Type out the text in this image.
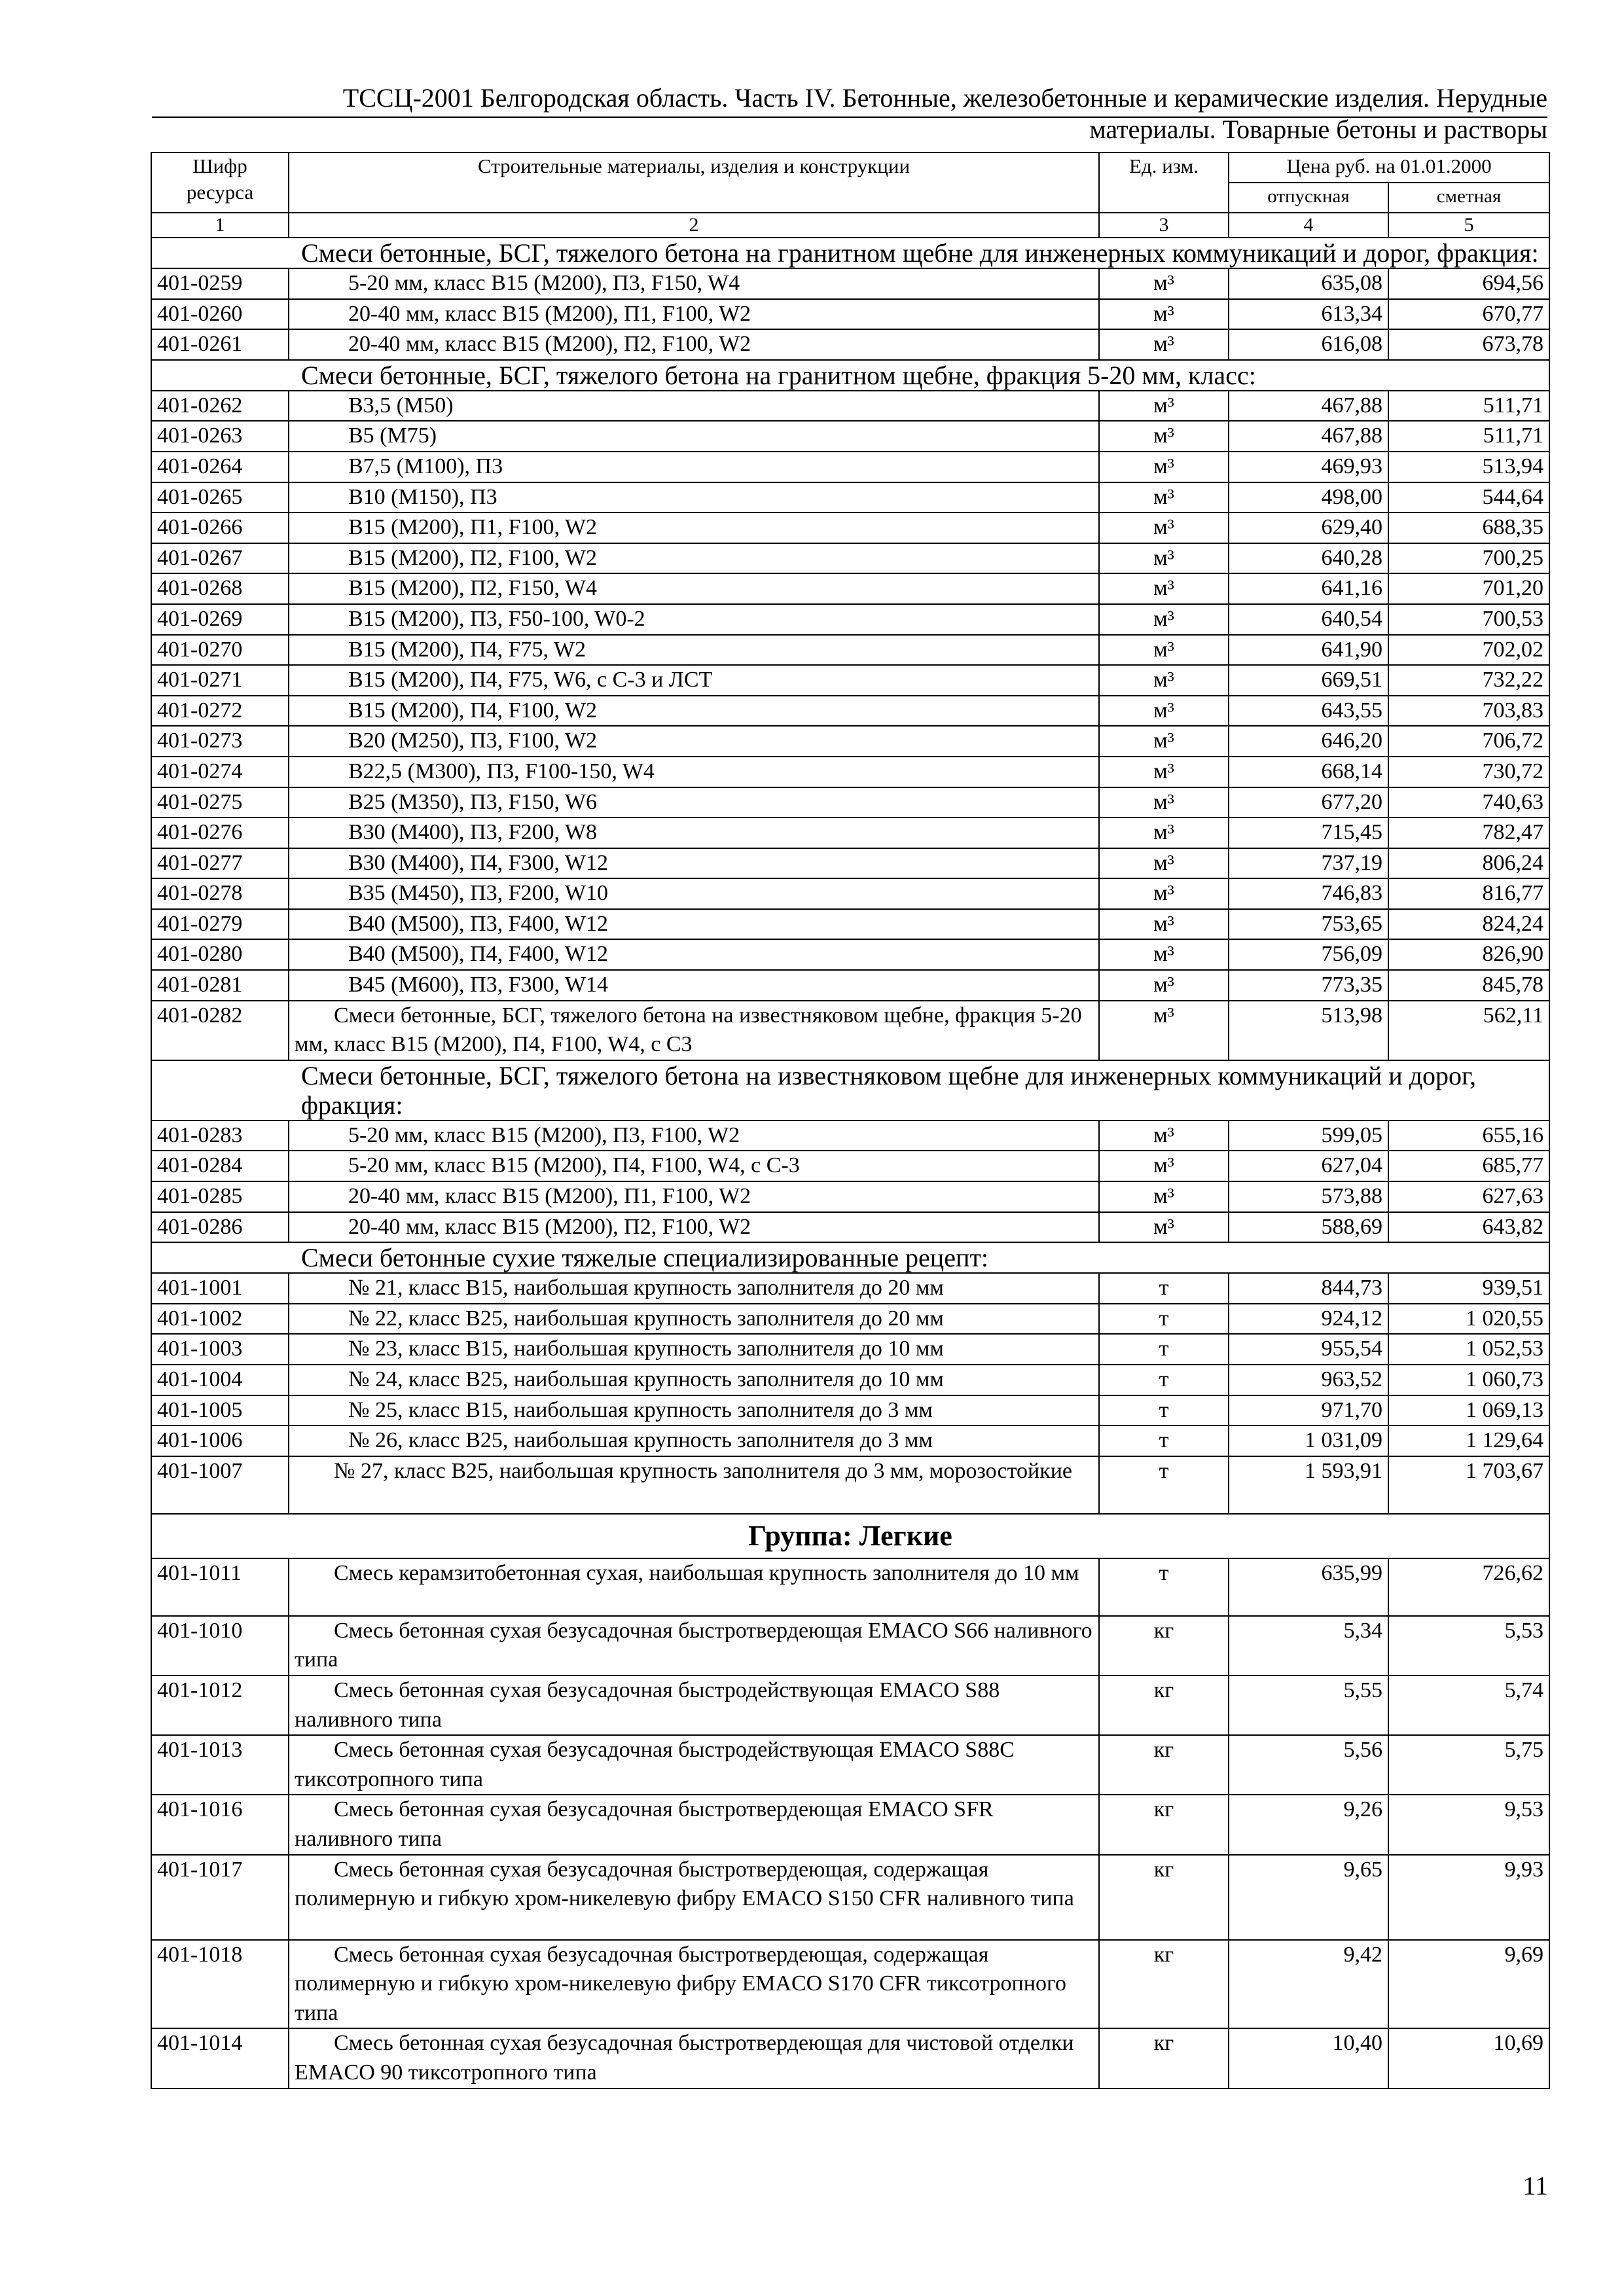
ТССЦ-2001 Белгородская область. Часть IV. Бетонные, железобетонные и керамические изделия. Нерудные
материалы. Товарные бетоны и растворы
Шифр ресурса	Строительные материалы, изделия и конструкции	Ед. изм.	Цена руб. на 01.01.2000	
			отпускная	сметная
1	2	3	4	5
Смеси бетонные, БСГ, тяжелого бетона на гранитном щебне для инженерных коммуникаций и дорог, фракция:				
401-0259	5-20 мм, класс В15 (М200), П3, F150, W4	м³	635,08	694,56
401-0260	20-40 мм, класс В15 (М200), П1, F100, W2	м³	613,34	670,77
401-0261	20-40 мм, класс В15 (М200), П2, F100, W2	м³	616,08	673,78
Смеси бетонные, БСГ, тяжелого бетона на гранитном щебне, фракция 5-20 мм, класс:				
401-0262	В3,5 (М50)	м³	467,88	511,71
401-0263	В5 (М75)	м³	467,88	511,71
401-0264	В7,5 (М100), П3	м³	469,93	513,94
401-0265	В10 (М150), П3	м³	498,00	544,64
401-0266	В15 (М200), П1, F100, W2	м³	629,40	688,35
401-0267	В15 (М200), П2, F100, W2	м³	640,28	700,25
401-0268	В15 (М200), П2, F150, W4	м³	641,16	701,20
401-0269	В15 (М200), П3, F50-100, W0-2	м³	640,54	700,53
401-0270	В15 (М200), П4, F75, W2	м³	641,90	702,02
401-0271	В15 (М200), П4, F75, W6, с С-3 и ЛСТ	м³	669,51	732,22
401-0272	В15 (М200), П4, F100, W2	м³	643,55	703,83
401-0273	В20 (М250), П3, F100, W2	м³	646,20	706,72
401-0274	В22,5 (М300), П3, F100-150, W4	м³	668,14	730,72
401-0275	В25 (М350), П3, F150, W6	м³	677,20	740,63
401-0276	В30 (М400), П3, F200, W8	м³	715,45	782,47
401-0277	В30 (М400), П4, F300, W12	м³	737,19	806,24
401-0278	В35 (М450), П3, F200, W10	м³	746,83	816,77
401-0279	В40 (М500), П3, F400, W12	м³	753,65	824,24
401-0280	В40 (М500), П4, F400, W12	м³	756,09	826,90
401-0281	В45 (М600), П3, F300, W14	м³	773,35	845,78
401-0282	Смеси бетонные, БСГ, тяжелого бетона на известняковом щебне, фракция 5-20 мм, класс В15 (М200), П4, F100, W4, с С3	м³	513,98	562,11
Смеси бетонные, БСГ, тяжелого бетона на известняковом щебне для инженерных коммуникаций и дорог, фракция:				
401-0283	5-20 мм, класс В15 (М200), П3, F100, W2	м³	599,05	655,16
401-0284	5-20 мм, класс В15 (М200), П4, F100, W4, с С-3	м³	627,04	685,77
401-0285	20-40 мм, класс В15 (М200), П1, F100, W2	м³	573,88	627,63
401-0286	20-40 мм, класс В15 (М200), П2, F100, W2	м³	588,69	643,82
Смеси бетонные сухие тяжелые специализированные рецепт:				
401-1001	№ 21, класс В15, наибольшая крупность заполнителя до 20 мм	т	844,73	939,51
401-1002	№ 22, класс В25, наибольшая крупность заполнителя до 20 мм	т	924,12	1 020,55
401-1003	№ 23, класс В15, наибольшая крупность заполнителя до 10 мм	т	955,54	1 052,53
401-1004	№ 24, класс В25, наибольшая крупность заполнителя до 10 мм	т	963,52	1 060,73
401-1005	№ 25, класс В15, наибольшая крупность заполнителя до 3 мм	т	971,70	1 069,13
401-1006	№ 26, класс В25, наибольшая крупность заполнителя до 3 мм	т	1 031,09	1 129,64
401-1007	№ 27, класс В25, наибольшая крупность заполнителя до 3 мм, морозостойкие	т	1 593,91	1 703,67
Группа: Легкие				
401-1011	Смесь керамзитобетонная сухая, наибольшая крупность заполнителя до 10 мм	т	635,99	726,62
401-1010	Смесь бетонная сухая безусадочная быстротвердеющая EMACO S66 наливного типа	кг	5,34	5,53
401-1012	Смесь бетонная сухая безусадочная быстродействующая EMACO S88 наливного типа	кг	5,55	5,74
401-1013	Смесь бетонная сухая безусадочная быстродействующая EMACO S88C тиксотропного типа	кг	5,56	5,75
401-1016	Смесь бетонная сухая безусадочная быстротвердеющая EMACO SFR наливного типа	кг	9,26	9,53
401-1017	Смесь бетонная сухая безусадочная быстротвердеющая, содержащая полимерную и гибкую хром-никелевую фибру EMACO S150 CFR наливного типа	кг	9,65	9,93
401-1018	Смесь бетонная сухая безусадочная быстротвердеющая, содержащая полимерную и гибкую хром-никелевую фибру EMACO S170 CFR тиксотропного типа	кг	9,42	9,69
401-1014	Смесь бетонная сухая безусадочная быстротвердеющая для чистовой отделки EMACO 90 тиксотропного типа	кг	10,40	10,69
11
